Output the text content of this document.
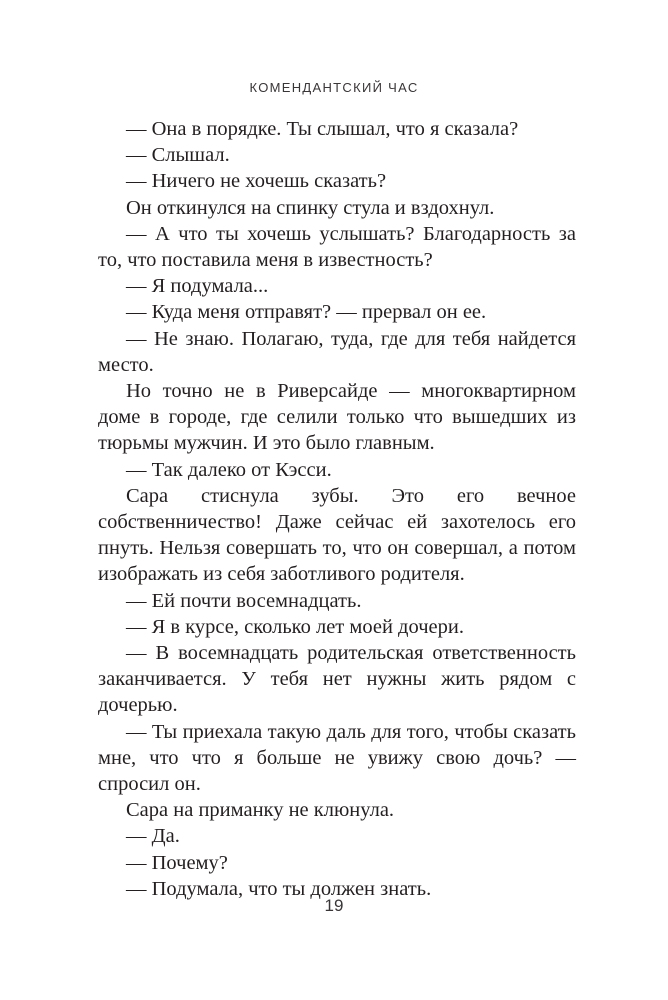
КОМЕНДАНТСКИЙ ЧАС

— Она в порядке. Ты слышал, что я сказала?

— Слышал.

— Ничего не хочешь сказать?

Он откинулся на спинку стула и вздохнул.

— А что ты хочешь услышать? Благодарность за то, что поставила меня в известность?

— Я подумала...

— Куда меня отправят? — прервал он ее.

— Не знаю. Полагаю, туда, где для тебя найдется место.

Но точно не в Риверсайде — многоквартирном доме в городе, где селили только что вышедших из тюрьмы мужчин. И это было главным.

— Так далеко от Кэсси.

Сара стиснула зубы. Это его вечное собственничество! Даже сейчас ей захотелось его пнуть. Нельзя совершать то, что он совершал, а потом изображать из себя заботливого родителя.

— Ей почти восемнадцать.

— Я в курсе, сколько лет моей дочери.

— В восемнадцать родительская ответственность заканчивается. У тебя нет нужны жить рядом с дочерью.

— Ты приехала такую даль для того, чтобы сказать мне, что что я больше не увижу свою дочь? — спросил он.

Сара на приманку не клюнула.

— Да.

— Почему?

— Подумала, что ты должен знать.

19
